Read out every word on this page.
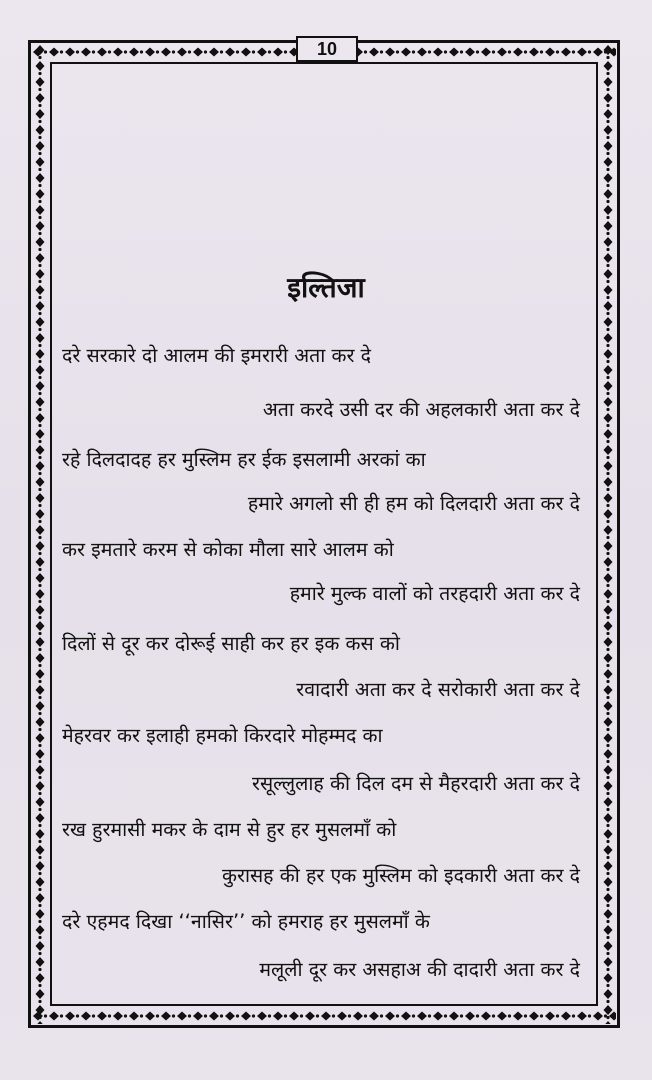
10
इल्तिजा
दरे सरकारे दो आलम की इमरारी अता कर दे
अता करदे उसी दर की अहलकारी अता कर दे
रहे दिलदादह हर मुस्लिम हर ईक इसलामी अरकां का
हमारे अगलो सी ही हम को दिलदारी अता कर दे
कर इमतारे करम से कोका मौला सारे आलम को
हमारे मुल्क वालों को तरहदारी अता कर दे
दिलों से दूर कर दोरूई साही कर हर इक कस को
रवादारी अता कर दे सरोकारी अता कर दे
मेहरवर कर इलाही हमको किरदारे मोहम्मद का
रसूल्लुलाह की दिल दम से मैहरदारी अता कर दे
रख हुरमासी मकर के दाम से हुर हर मुसलमाँ को
कुरासह की हर एक मुस्लिम को इदकारी अता कर दे
दरे एहमद दिखा ‘‘नासिर’’ को हमराह हर मुसलमाँ के
मलूली दूर कर असहाअ की दादारी अता कर दे
